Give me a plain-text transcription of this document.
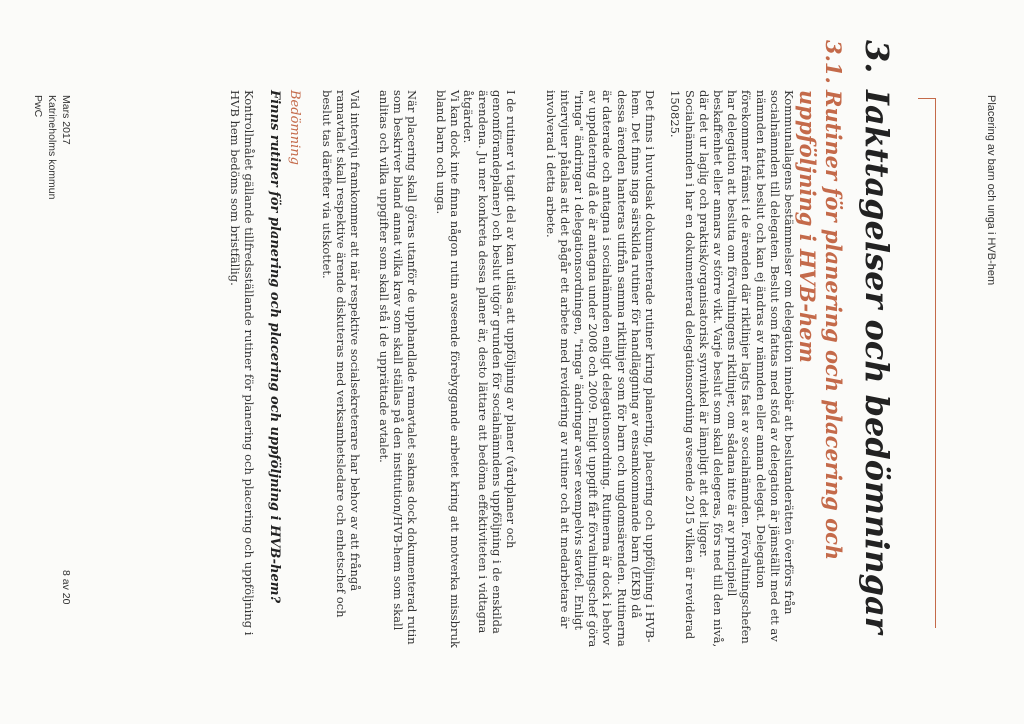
Placering av barn och unga i HVB-hem
3.Iakttagelser och bedömningar
3.1.
Rutiner för planering och placering och uppföljning i HVB-hem

Kommunallagens bestämmelser om delegation innebär att beslutanderätten överförs från socialnämnden till delegaten. Beslut som fattas med stöd av delegation är jämställt med ett av nämnden fattat beslut och kan ej ändras av nämnden eller annan delegat. Delegation förekommer främst i de ärenden där riktlinjer lagts fast av socialnämnden. Förvaltningschefen har delegation att besluta om förvaltningens riktlinjer, om sådana inte är av principiell beskaffenhet eller annars av större vikt. Varje beslut som skall delegeras, förs ned till den nivå, där det ur laglig och praktisk/organisatorisk synvinkel är lämpligt att det ligger. Socialnämnden i har en dokumenterad delegationsordning avseende 2015 vilken är reviderad 150825.

Det finns i huvudsak dokumenterade rutiner kring planering, placering och uppföljning i HVB-hem. Det finns inga särskilda rutiner för handläggning av ensamkommande barn (EKB) då dessa ärenden hanteras utifrån samma riktlinjer som för barn och ungdomsärenden. Rutinerna är daterade och antagna i socialnämnden enligt delegationsordning. Rutinerna är dock i behov av uppdatering då de är antagna under 2008 och 2009. Enligt uppgift får förvaltningschef göra "ringa" ändringar i delegationsordningen, "ringa" ändringar avser exempelvis stavfel. Enligt intervjuer påtalas att det pågår ett arbete med revidering av rutiner och att medarbetare är involverad i detta arbete.

I de rutiner vi tagit del av kan utläsa att uppföljning av planer (vårdplaner och genomförandeplaner) och beslut utgör grunden för socialnämndens uppföljning i de enskilda ärendena. Ju mer konkreta dessa planer är, desto lättare att bedöma effektiviteten i vidtagna åtgärder.

Vi kan dock inte finna någon rutin avseende förebyggande arbetet kring att motverka missbruk bland barn och unga.

När placering skall göras utanför de upphandlade ramavtalet saknas dock dokumenterad rutin som beskriver bland annat vilka krav som skall ställas på den institution/HVB-hem som skall anlitas och vilka uppgifter som skall stå i de upprättade avtalet.

Vid intervju framkommer att när respektive socialsekreterare har behov av att frångå ramavtalet skall respektive ärende diskuteras med verksamhetsledare och enhetschef och beslut tas därefter via utskottet.

Bedömning
Finns rutiner för planering och placering och uppföljning i HVB-hem?

Kontrollmålet gällande tillfredsställande rutiner för planering och placering och uppföljning i HVB hem bedöms som bristfällig.

Mars 2017
Katrineholms kommun
PwC
8 av 20
